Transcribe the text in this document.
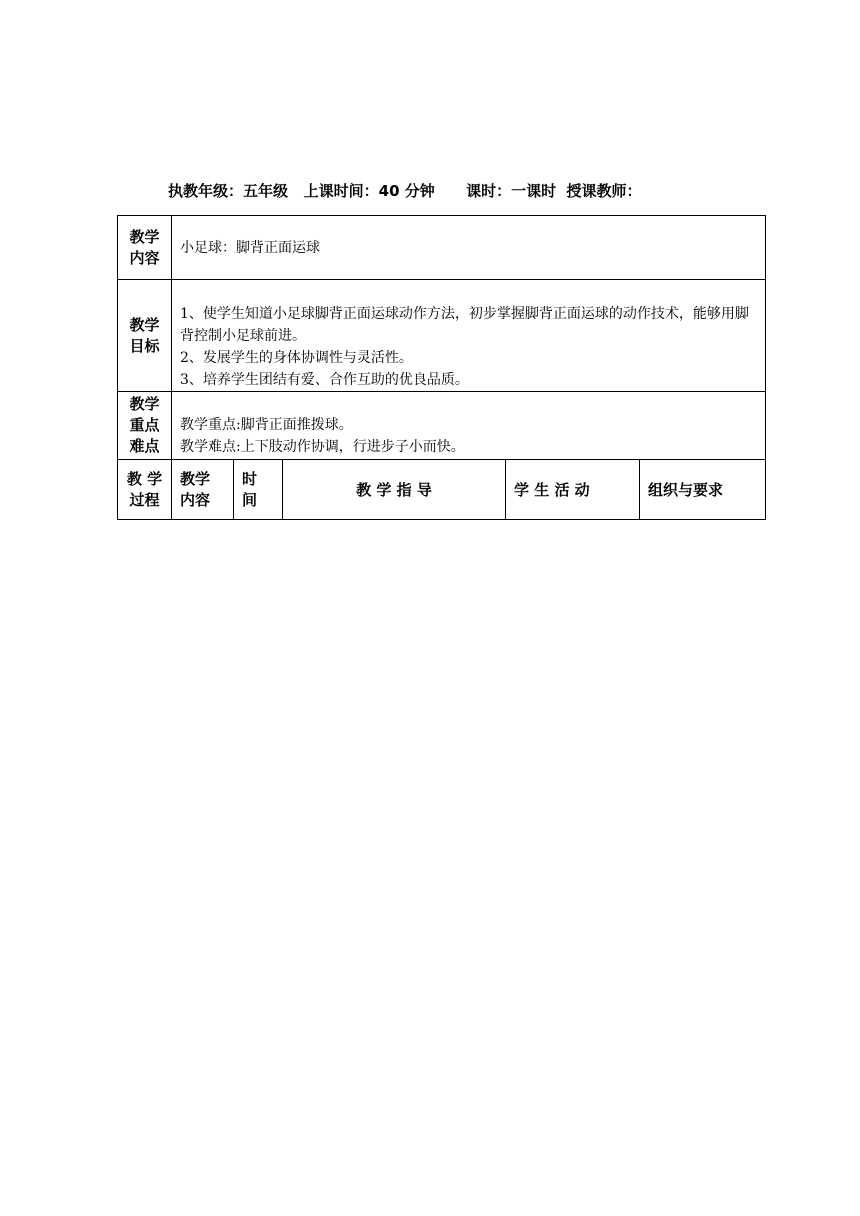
执教年级：五年级   上课时间：40 分钟      课时：一课时  授课教师：
教学
内容	小足球：脚背正面运球				
教学
目标	1、使学生知道小足球脚背正面运球动作方法，初步掌握脚背正面运球的动作技术，能够用脚背控制小足球前进。
2、发展学生的身体协调性与灵活性。
3、培养学生团结有爱、合作互助的优良品质。				

教学
重点
难点	教学重点:脚背正面推拨球。
教学难点:上下肢动作协调，行进步子小而快。				

教 学
过程	教学
内容	时
间	教 学 指 导	学 生 活 动	组织与要求
